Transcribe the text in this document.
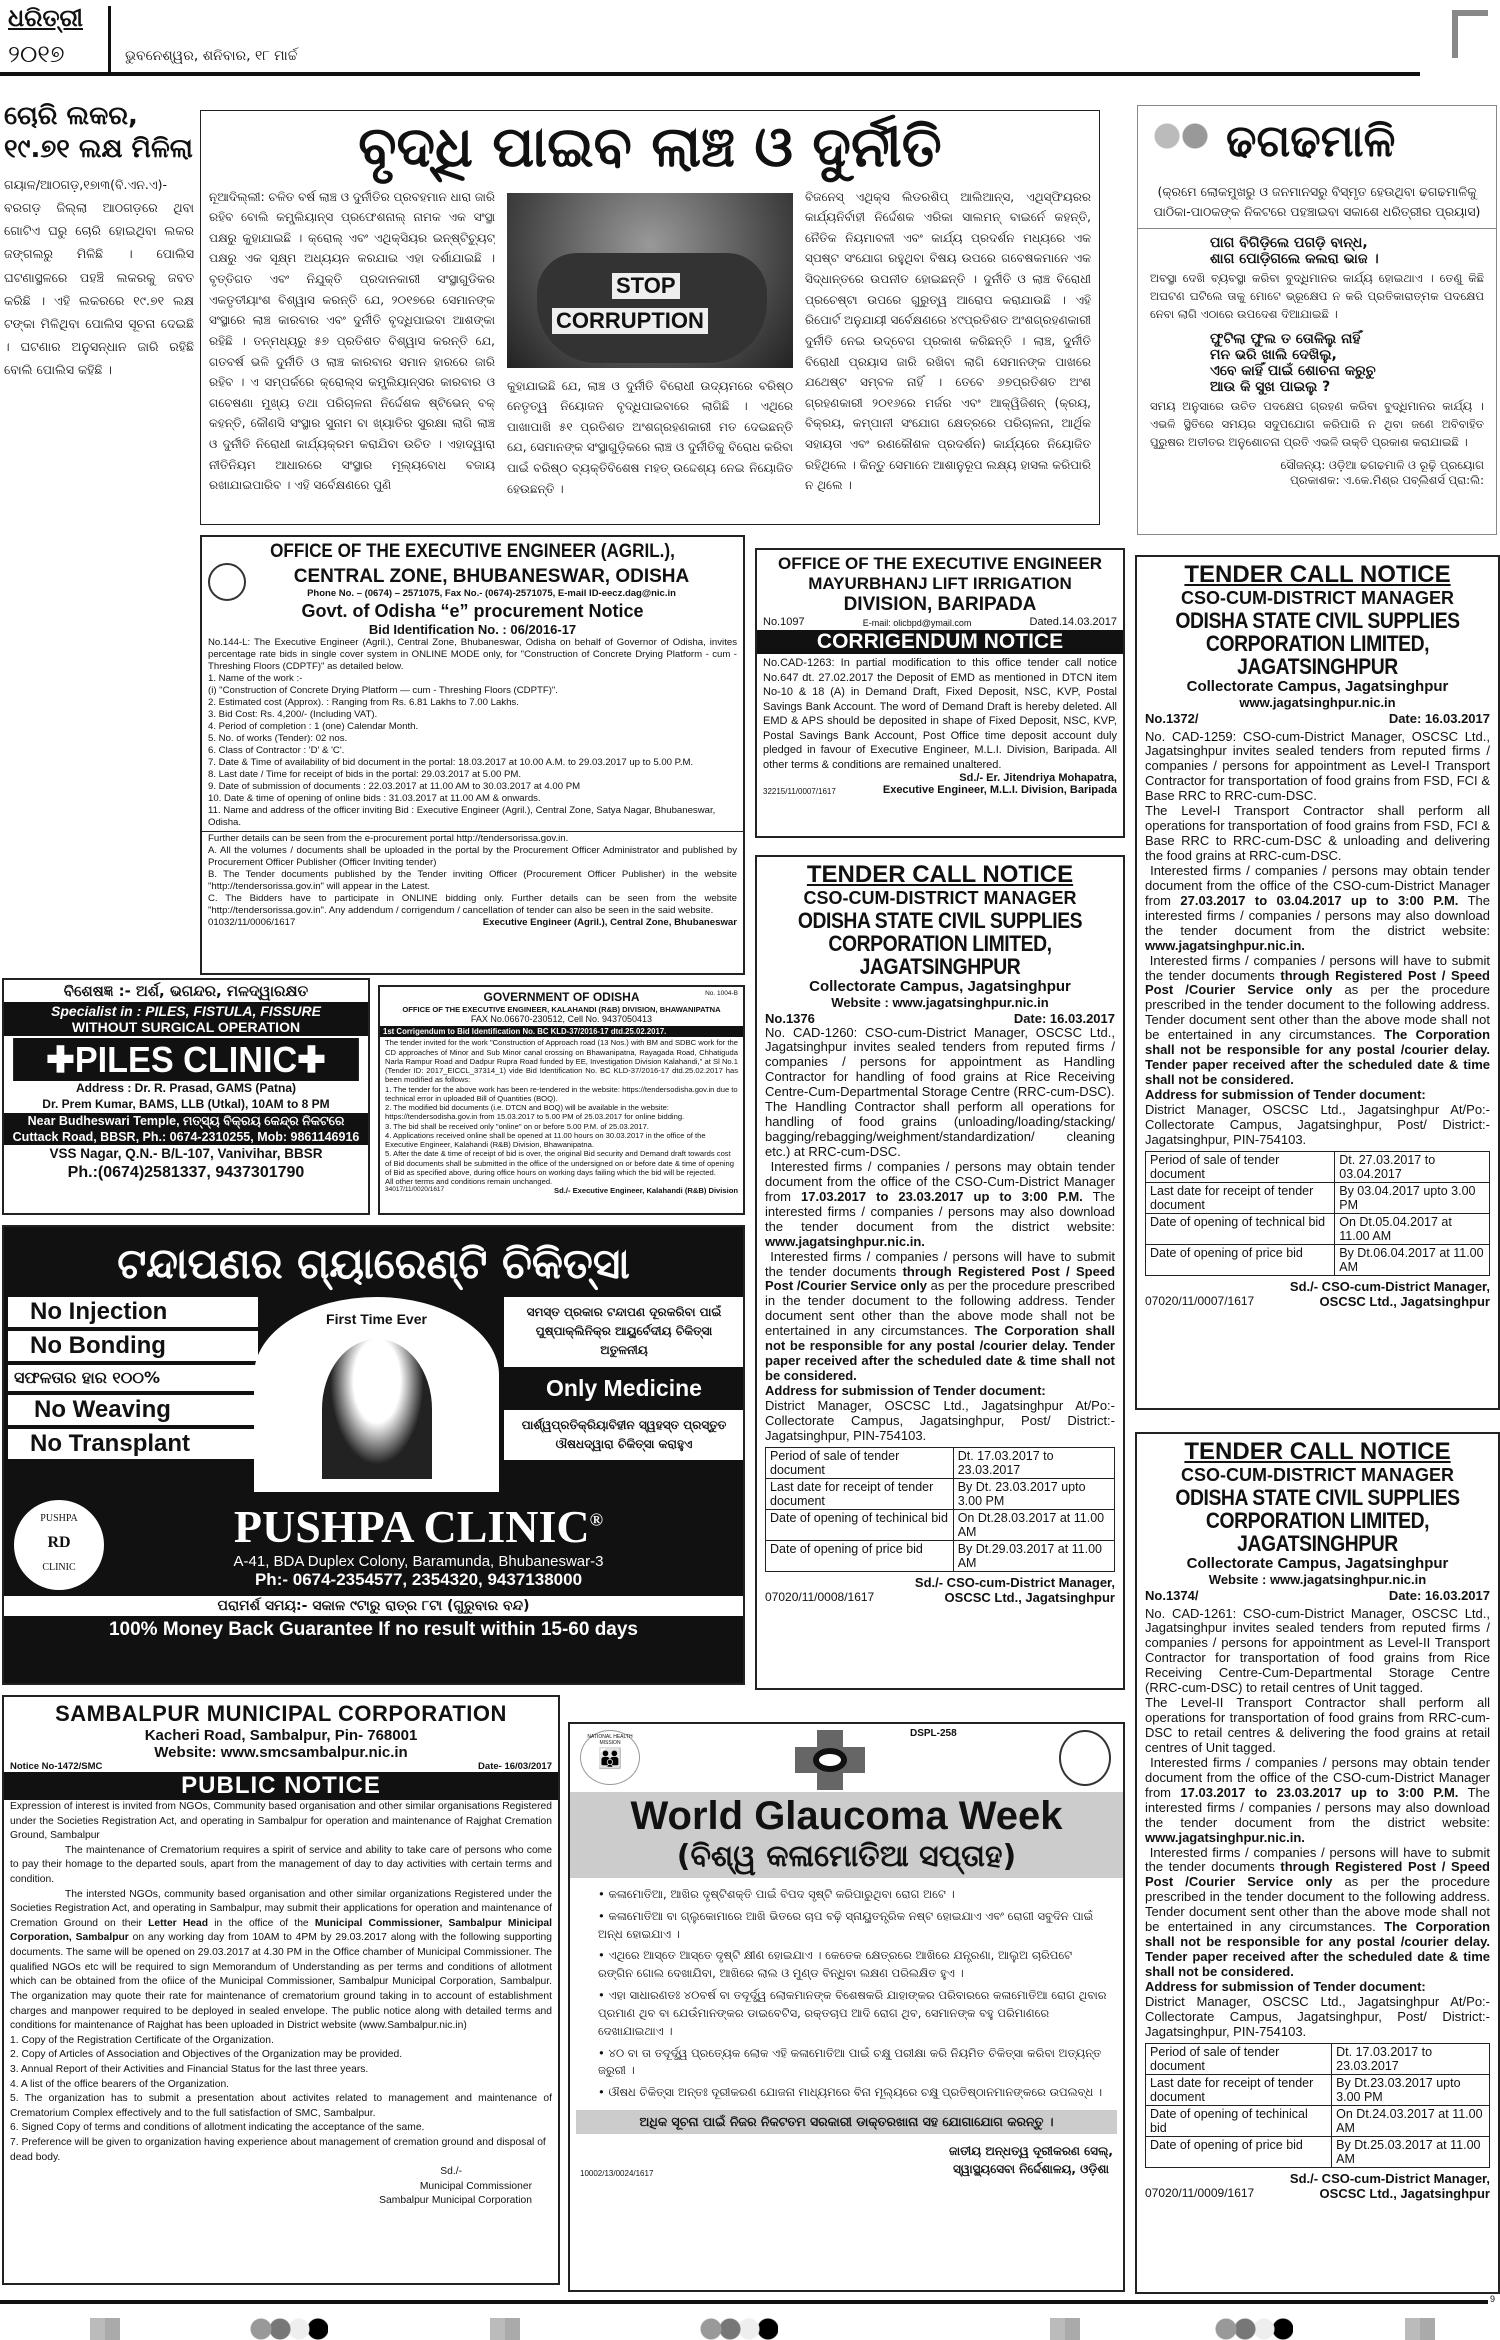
ଧରିତ୍ରୀ
୨୦୧୭	ଭୁବନେଶ୍ୱର, ଶନିବାର, ୧୮ ମାର୍ଚ୍ଚ
ଚୋରି ଲକର, ୧୯.୭୧ ଲକ୍ଷ ମିଳିଲା
ଗୟାଳ/ଆଠଗଡ଼,୧୭ା୩(ବି.ଏନ.ଏ)- ବରଗଡ଼ ଜିଲ୍ଲା ଆଠଗଡ଼ରେ ଥିବା ଗୋଟିଏ ଘରୁ ଚୋରି ହୋଇଥିବା ଲକର ଜଙ୍ଗଲରୁ ମିଳିଛି । ପୋଲିସ ଘଟଣାସ୍ଥଳରେ ପହଞ୍ଚି ଲକରକୁ ଜବତ କରିଛି । ଏହି ଲକରରେ ୧୯.୭୧ ଲକ୍ଷ ଟଙ୍କା ମିଳିଥିବା ପୋଲିସ ସୂଚନା ଦେଇଛି । ଘଟଣାର ଅନୁସନ୍ଧାନ ଜାରି ରହିଛି ବୋଲି ପୋଲିସ କହିଛି ।
ବୃଦ୍ଧି ପାଇବ ଲାଞ୍ଚ ଓ ଦୁର୍ନୀତି
ନୂଆଦିଲ୍ଲୀ: ଚଳିତ ବର୍ଷ ଲାଞ୍ଚ ଓ ଦୁର୍ନୀତିର ପ୍ରବହମାନ ଧାରା ଜାରି ରହିବ ବୋଲି କମ୍ପ୍ଲିୟାନ୍ସ ପ୍ରଫେଶନାଲ୍ ନାମକ ଏକ ସଂସ୍ଥା ପକ୍ଷରୁ କୁହାଯାଇଛି । କ୍ରୋଲ୍ ଏବଂ ଏଥିକ୍ସିୟର ଇନ୍ଷ୍ଟିଚ୍ୟୁଟ୍ ପକ୍ଷରୁ ଏକ ସୂକ୍ଷ୍ମ ଅଧ୍ୟୟନ କରଯାଇ ଏହା ଦର୍ଶାଯାଇଛି । ବୃତ୍ତିଗତ ଏବଂ ନିଯୁକ୍ତି ପ୍ରଦାନକାରୀ ସଂସ୍ଥାଗୁଡିକର ଏକତୃତୀୟାଂଶ ବିଶ୍ୱାସ କରନ୍ତି ଯେ, ୨୦୧୭ରେ ସେମାନଙ୍କ ସଂସ୍ଥାରେ ଲାଞ୍ଚ କାରବାର ଏବଂ ଦୁର୍ନୀତି ବୃଦ୍ଧିପାଇବା ଆଶଙ୍କା ରହିଛି । ତନ୍ମଧ୍ୟରୁ ୫୭ ପ୍ରତିଶତ ବିଶ୍ୱାସ କରନ୍ତି ଯେ, ଗତବର୍ଷ ଭଳି ଦୁର୍ନୀତି ଓ ଲାଞ୍ଚ କାରବାର ସମାନ ହାରରେ ଜାରି ରହିବ । ଏ ସମ୍ପର୍କରେ କ୍ରୋଲ୍ସ କମ୍ପ୍ଲିୟାନ୍ସର କାରବାର ଓ ଗବେଷଣା ମୁଖ୍ୟ ତଥା ପରିଚାଳନା ନିର୍ଦ୍ଦେଶକ ଷ୍ଟିଭେନ୍ ବକ୍ କହନ୍ତି, କୌଣସି ସଂସ୍ଥାର ସୁନାମ ବା ଖ୍ୟାତିର ସୁରକ୍ଷା ଲାଗି ଲାଞ୍ଚ ଓ ଦୁର୍ନୀତି ନିରୋଧୀ କାର୍ଯ୍ୟକ୍ରମ କରାଯିବା ଉଚିତ । ଏହାଦ୍ୱାରା ନୀତିନିୟମ ଆଧାରରେ ସଂସ୍ଥାର ମୂଲ୍ୟବୋଧ ବଜାୟ ରଖାଯାଇପାରିବ । ଏହି ସର୍ବେକ୍ଷଣରେ ପୁଣି
STOP
CORRUPTION
କୁହାଯାଇଛି ଯେ, ଲାଞ୍ଚ ଓ ଦୁର୍ନୀତି ବିରୋଧୀ ଉଦ୍ୟମରେ ବରିଷ୍ଠ ନେତୃତ୍ୱ ନିୟୋଜନ ବୃଦ୍ଧିପାଇବାରେ ଲାଗିଛି । ଏଥିରେ ପାଖାପାଖି ୫୧ ପ୍ରତିଶତ ଅଂଶଗ୍ରହଣକାରୀ ମତ ଦେଇଛନ୍ତି ଯେ, ସେମାନଙ୍କ ସଂସ୍ଥାଗୁଡ଼ିକରେ ଲାଞ୍ଚ ଓ ଦୁର୍ନୀତିକୁ ବିରୋଧ କରିବା ପାଇଁ ବରିଷ୍ଠ ବ୍ୟକ୍ତିବିଶେଷ ମହତ୍ ଉଦ୍ଦେଶ୍ୟ ନେଇ ନିୟୋଜିତ ହେଉଛନ୍ତି ।
ବିଜନେସ୍ ଏଥିକ୍ସ ଲିଡରଶିପ୍ ଆଲିଆନ୍ସ, ଏଥିସ୍ଫିୟରର କାର୍ଯ୍ୟନିର୍ବାହୀ ନିର୍ଦ୍ଦେଶକ ଏରିକା ସାଲମନ୍ ବାଇର୍ନେ କହନ୍ତି, ନୈତିକ ନିୟମାବଳୀ ଏବଂ କାର୍ଯ୍ୟ ପ୍ରଦର୍ଶନ ମଧ୍ୟରେ ଏକ ସ୍ପଷ୍ଟ ସଂଯୋଗ ରହୁଥିବା ବିଷୟ ଉପରେ ଗବେଷକମାନେ ଏକ ସିଦ୍ଧାନ୍ତରେ ଉପନୀତ ହୋଇଛନ୍ତି । ଦୁର୍ନୀତି ଓ ଲାଞ୍ଚ ବିରୋଧୀ ପ୍ରଚେଷ୍ଟା ଉପରେ ଗୁରୁତ୍ୱ ଆରୋପ କରାଯାଉଛି । ଏହି ରିପୋର୍ଟ ଅନୁଯାୟୀ ସର୍ବେକ୍ଷଣରେ ୪୯ପ୍ରତିଶତ ଅଂଶଗ୍ରହଣକାରୀ ଦୁର୍ନୀତି ନେଇ ଉଦ୍‌ବେଗ ପ୍ରକାଶ କରିଛନ୍ତି । ଲାଞ୍ଚ, ଦୁର୍ନୀତି ବିରୋଧୀ ପ୍ରୟାସ ଜାରି ରଖିବା ଲାଗି ସେମାନଙ୍କ ପାଖରେ ଯଥେଷ୍ଟ ସମ୍ବଳ ନାହିଁ । ତେବେ ୬୭ପ୍ରତିଶତ ଅଂଶ ଗ୍ରହଣକାରୀ ୨୦୧୬ରେ ମର୍ଜର ଏବଂ ଆକ୍ୱିଜିଶନ୍ (କ୍ରୟ, ବିକ୍ରୟ, କମ୍ପାନୀ ସଂଯୋଗ କ୍ଷେତ୍ରରେ ପରିଚାଳନା, ଆର୍ଥିକ ସହାୟତା ଏବଂ ରଣକୌଶଳ ପ୍ରଦର୍ଶନ) କାର୍ଯ୍ୟରେ ନିୟୋଜିତ ରହିଥିଲେ । କିନ୍ତୁ ସେମାନେ ଆଶାନୁରୂପ ଲକ୍ଷ୍ୟ ହାସଲ କରିପାରି ନ ଥିଲେ ।
ଢଗଢମାଳି
(କ୍ରମେ ଲୋକମୁଖରୁ ଓ ଜନମାନସରୁ ବିସ୍ମୃତ ହେଉଥିବା ଢଗଢମାଳିକୁ ପାଠିକା-ପାଠକଙ୍କ ନିକଟରେ ପହଞ୍ଚାଇବା ସକାଶେ ଧରିତ୍ରୀର ପ୍ରୟାସ)
ପାଗ ବିଗିଡ଼ିଲେ ପଗଡ଼ି ବାନ୍ଧ,
ଶାଗ ପୋଡ଼ିଗଲେ କଲରା ଭାଜ ।
ଅବସ୍ଥା ଦେଖି ବ୍ୟବସ୍ଥା କରିବା ବୁଦ୍ଧିମାନର କାର୍ଯ୍ୟ ହୋଇଥାଏ । ତେଣୁ କିଛି ଅଘଟଣ ଘଟିଲେ ତାକୁ ମୋଟେ ଭ୍ରୂକ୍ଷେପ ନ କରି ପ୍ରତିକାରାତ୍ମକ ପଦକ୍ଷେପ ନେବା ଲାଗି ଏଠାରେ ଉପଦେଶ ଦିଆଯାଇଛି ।
ଫୁଟିଲା ଫୁଲ ତ ତୋଳିଲୁ ନାହିଁ
ମନ ଭରି ଖାଲି ଦେଖିଲୁ,
ଏବେ କାହିଁ ପାଇଁ ଶୋଚନା କରୁଚୁ
ଆଉ କି ସୁଖ ପାଇଲୁ ?
ସମୟ ଅନୁସାରେ ଉଚିତ ପଦକ୍ଷେପ ଗ୍ରହଣ କରିବା ବୁଦ୍ଧିମାନର କାର୍ଯ୍ୟ । ଏଭଳି ସ୍ଥିତିରେ ସମୟର ସଦୁପଯୋଗ କରିପାରି ନ ଥିବା ଜଣେ ଅବିବାହିତ ପୁରୁଷର ଅତୀତର ଅନୁଶୋଚନା ପ୍ରତି ଏଭଳି ଉକ୍ତି ପ୍ରକାଶ କରାଯାଇଛି ।
ସୌଜନ୍ୟ: ଓଡ଼ିଆ ଢଗଢମାଳି ଓ ରୂଢ଼ି ପ୍ରୟୋଗ
ପ୍ରକାଶକ: ଏ.କେ.ମିଶ୍ର ପବ୍ଲିଶର୍ସ ପ୍ରା:ଲି:
OFFICE OF THE EXECUTIVE ENGINEER (AGRIL.),
CENTRAL ZONE, BHUBANESWAR, ODISHA
Phone No. – (0674) – 2571075, Fax No.- (0674)-2571075, E-mail ID-eecz.dag@nic.in
Govt. of Odisha “e” procurement Notice
Bid Identification No. : 06/2016-17

No.144-L: The Executive Engineer (Agril.), Central Zone, Bhubaneswar, Odisha on behalf of Governor of Odisha, invites percentage rate bids in single cover system in ONLINE MODE only, for "Construction of Concrete Drying Platform - cum - Threshing Floors (CDPTF)" as detailed below.

1. Name of the work :-

(i) "Construction of Concrete Drying Platform — cum - Threshing Floors (CDPTF)".

2. Estimated cost (Approx). : Ranging from Rs. 6.81 Lakhs to 7.00 Lakhs.

3. Bid Cost: Rs. 4,200/- (Including VAT).

4. Period of completion : 1 (one) Calendar Month.

5. No. of works (Tender): 02 nos.

6. Class of Contractor : 'D' & 'C'.

7. Date & Time of availability of bid document in the portal: 18.03.2017 at 10.00 A.M. to 29.03.2017 up to 5.00 P.M.

8. Last date / Time for receipt of bids in the portal: 29.03.2017 at 5.00 PM.

9. Date of submission of documents : 22.03.2017 at 11.00 AM to 30.03.2017 at 4.00 PM

10. Date & time of opening of online bids : 31.03.2017 at 11.00 AM & onwards.

11. Name and address of the officer inviting Bid : Executive Engineer (Agril.), Central Zone, Satya Nagar, Bhubaneswar, Odisha.

Further details can be seen from the e-procurement portal http://tendersorissa.gov.in.

A. All the volumes / documents shall be uploaded in the portal by the Procurement Officer Administrator and published by Procurement Officer Publisher (Officer Inviting tender)

B. The Tender documents published by the Tender inviting Officer (Procurement Officer Publisher) in the website "http://tendersorissa.gov.in" will appear in the Latest.

C. The Bidders have to participate in ONLINE bidding only. Further details can be seen from the website "http://tendersorissa.gov.in". Any addendum / corrigendum / cancellation of tender can also be seen in the said website.

01032/11/0006/1617	Executive Engineer (Agril.), Central Zone, Bhubaneswar
OFFICE OF THE EXECUTIVE ENGINEER
MAYURBHANJ LIFT IRRIGATION
DIVISION, BARIPADA
No.1097	E-mail: olicbpd@ymail.com	Dated.14.03.2017
CORRIGENDUM NOTICE

No.CAD-1263: In partial modification to this office tender call notice No.647 dt. 27.02.2017 the Deposit of EMD as mentioned in DTCN item No-10 & 18 (A) in Demand Draft, Fixed Deposit, NSC, KVP, Postal Savings Bank Account. The word of Demand Draft is hereby deleted. All EMD & APS should be deposited in shape of Fixed Deposit, NSC, KVP, Postal Savings Bank Account, Post Office time deposit account duly pledged in favour of Executive Engineer, M.L.I. Division, Baripada. All other terms & conditions are remained unaltered.

Sd./- Er. Jitendriya Mohapatra,
32215/11/0007/1617	Executive Engineer, M.L.I. Division, Baripada
TENDER CALL NOTICE
CSO-CUM-DISTRICT MANAGER
ODISHA STATE CIVIL SUPPLIES
CORPORATION LIMITED, JAGATSINGHPUR
Collectorate Campus, Jagatsinghpur
Website : www.jagatsinghpur.nic.in
No.1376	Date: 16.03.2017

No. CAD-1260: CSO-cum-District Manager, OSCSC Ltd., Jagatsinghpur invites sealed tenders from reputed firms / companies / persons for appointment as Handling Contractor for handling of food grains at Rice Receiving Centre-Cum-Departmental Storage Centre (RRC-cum-DSC).

The Handling Contractor shall perform all operations for handling of food grains (unloading/loading/stacking/ bagging/rebagging/weighment/standardization/ cleaning etc.) at RRC-cum-DSC.

Interested firms / companies / persons may obtain tender document from the office of the CSO-Cum-District Manager from 17.03.2017 to 23.03.2017 up to 3:00 P.M. The interested firms / companies / persons may also download the tender document from the district website: www.jagatsinghpur.nic.in.

Interested firms / companies / persons will have to submit the tender documents through Registered Post / Speed Post /Courier Service only as per the procedure prescribed in the tender document to the following address. Tender document sent other than the above mode shall not be entertained in any circumstances. The Corporation shall not be responsible for any postal /courier delay. Tender paper received after the scheduled date & time shall not be considered.

Address for submission of Tender document:

District Manager, OSCSC Ltd., Jagatsinghpur At/Po:- Collectorate Campus, Jagatsinghpur, Post/ District:- Jagatsinghpur, PIN-754103.

Period of sale of tender document	Dt. 17.03.2017 to 23.03.2017
Last date for receipt of tender document	By Dt. 23.03.2017 upto 3.00 PM
Date of opening of techinical bid	On Dt.28.03.2017 at 11.00 AM
Date of opening of price bid	By Dt.29.03.2017 at 11.00 AM
Sd./- CSO-cum-District Manager,
07020/11/0008/1617	OSCSC Ltd., Jagatsinghpur
TENDER CALL NOTICE
CSO-CUM-DISTRICT MANAGER
ODISHA STATE CIVIL SUPPLIES
CORPORATION LIMITED, JAGATSINGHPUR
Collectorate Campus, Jagatsinghpur
www.jagatsinghpur.nic.in
No.1372/	Date: 16.03.2017

No. CAD-1259: CSO-cum-District Manager, OSCSC Ltd., Jagatsinghpur invites sealed tenders from reputed firms / companies / persons for appointment as Level-I Transport Contractor for transportation of food grains from FSD, FCI & Base RRC to RRC-cum-DSC.

The Level-I Transport Contractor shall perform all operations for transportation of food grains from FSD, FCI & Base RRC to RRC-cum-DSC & unloading and delivering the food grains at RRC-cum-DSC.

Interested firms / companies / persons may obtain tender document from the office of the CSO-cum-District Manager from 27.03.2017 to 03.04.2017 up to 3:00 P.M. The interested firms / companies / persons may also download the tender document from the district website: www.jagatsinghpur.nic.in.

Interested firms / companies / persons will have to submit the tender documents through Registered Post / Speed Post /Courier Service only as per the procedure prescribed in the tender document to the following address. Tender document sent other than the above mode shall not be entertained in any circumstances. The Corporation shall not be responsible for any postal /courier delay. Tender paper received after the scheduled date & time shall not be considered.

Address for submission of Tender document:

District Manager, OSCSC Ltd., Jagatsinghpur At/Po:- Collectorate Campus, Jagatsinghpur, Post/ District:- Jagatsinghpur, PIN-754103.

Period of sale of tender document	Dt. 27.03.2017 to 03.04.2017
Last date for receipt of tender document	By 03.04.2017 upto 3.00 PM
Date of opening of technical bid	On Dt.05.04.2017 at 11.00 AM
Date of opening of price bid	By Dt.06.04.2017 at 11.00 AM
Sd./- CSO-cum-District Manager,
07020/11/0007/1617	OSCSC Ltd., Jagatsinghpur
TENDER CALL NOTICE
CSO-CUM-DISTRICT MANAGER
ODISHA STATE CIVIL SUPPLIES
CORPORATION LIMITED, JAGATSINGHPUR
Collectorate Campus, Jagatsinghpur
Website : www.jagatsinghpur.nic.in
No.1374/	Date: 16.03.2017

No. CAD-1261: CSO-cum-District Manager, OSCSC Ltd., Jagatsinghpur invites sealed tenders from reputed firms / companies / persons for appointment as Level-II Transport Contractor for transportation of food grains from Rice Receiving Centre-Cum-Departmental Storage Centre (RRC-cum-DSC) to retail centres of Unit tagged.

The Level-II Transport Contractor shall perform all operations for transportation of food grains from RRC-cum-DSC to retail centres & delivering the food grains at retail centres of Unit tagged.

Interested firms / companies / persons may obtain tender document from the office of the CSO-cum-District Manager from 17.03.2017 to 23.03.2017 up to 3:00 P.M. The interested firms / companies / persons may also download the tender document from the district website: www.jagatsinghpur.nic.in.

Interested firms / companies / persons will have to submit the tender documents through Registered Post / Speed Post /Courier Service only as per the procedure prescribed in the tender document to the following address. Tender document sent other than the above mode shall not be entertained in any circumstances. The Corporation shall not be responsible for any postal /courier delay. Tender paper received after the scheduled date & time shall not be considered.

Address for submission of Tender document:

District Manager, OSCSC Ltd., Jagatsinghpur At/Po:- Collectorate Campus, Jagatsinghpur, Post/ District:- Jagatsinghpur, PIN-754103.

Period of sale of tender document	Dt. 17.03.2017 to 23.03.2017
Last date for receipt of tender document	By Dt.23.03.2017 upto 3.00 PM
Date of opening of techinical bid	On Dt.24.03.2017 at 11.00 AM
Date of opening of price bid	By Dt.25.03.2017 at 11.00 AM
Sd./- CSO-cum-District Manager,
07020/11/0009/1617	OSCSC Ltd., Jagatsinghpur
ବିଶେଷଜ୍ଞ :- ଅର୍ଶ, ଭଗନ୍ଦର, ମଳଦ୍ୱାରକ୍ଷତ
Specialist in : PILES, FISTULA, FISSURE
WITHOUT SURGICAL OPERATION
✚PILES CLINIC✚
Address : Dr. R. Prasad, GAMS (Patna)
Dr. Prem Kumar, BAMS, LLB (Utkal), 10AM to 8 PM
Near Budheswari Temple, ମତ୍ସ୍ୟ ବିକ୍ରୟ କେନ୍ଦ୍ର ନିକଟରେ
Cuttack Road, BBSR, Ph.: 0674-2310255, Mob: 9861146916
VSS Nagar, Q.N.- B/L-107, Vanivihar, BBSR
Ph.:(0674)2581337, 9437301790
GOVERNMENT OF ODISHA	No. 1004-B
OFFICE OF THE EXECUTIVE ENGINEER, KALAHANDI (R&B) DIVISION, BHAWANIPATNA
FAX No.06670-230512, Cell No. 9437050413
1st Corrigendum to Bid Identification No. BC KLD-37/2016-17 dtd.25.02.2017.

The tender invited for the work "Construction of Approach road (13 Nos.) with BM and SDBC work for the CD approaches of Minor and Sub Minor canal crossing on Bhawanipatna, Rayagada Road, Chhatiguda Narla Rampur Road and Dadpur Rupra Road funded by EE, Investigation Division Kalahandi," at Sl No.1 (Tender ID: 2017_EICCL_37314_1) vide Bid Identification No. BC KLD-37/2016-17 dtd.25.02.2017 has been modified as follows:

1. The tender for the above work has been re-tendered in the website: https://tendersodisha.gov.in due to technical error in uploaded Bill of Quantities (BOQ).

2. The modified bid documents (i.e. DTCN and BOQ) will be available in the website: https://tendersodisha.gov.in from 15.03.2017 to 5.00 PM of 25.03.2017 for online bidding.

3. The bid shall be received only "online" on or before 5.00 P.M. of 25.03.2017.

4. Applications received online shall be opened at 11.00 hours on 30.03.2017 in the office of the Executive Engineer, Kalahandi (R&B) Division, Bhawanipatna.

5. After the date & time of receipt of bid is over, the original Bid security and Demand draft towards cost of Bid documents shall be submitted in the office of the undersigned on or before date & time of opening of Bid as specified above, during office hours on working days failing which the bid will be rejected.

All other terms and conditions remain unchanged.

34017/11/0020/1617	Sd./- Executive Engineer, Kalahandi (R&B) Division
ଟନ୍ଦାପଣର ଗ୍ୟାରେଣ୍ଟି ଚିକିତ୍ସା
No Injection
No Bonding
ସଫଳତାର ହାର ୧୦୦%
No Weaving
No Transplant
First Time Ever	ସମସ୍ତ ପ୍ରକାର ଟନ୍ଦାପଣ ଦୂରକରିବା ପାଇଁ ପୁଷ୍ପାକ୍ଲିନିକ୍‌ର ଆୟୁର୍ବେଦୀୟ ଚିକିତ୍ସା ଅତୁଳନୀୟ
Only Medicine
ପାର୍ଶ୍ୱପ୍ରତିକ୍ରିୟାବିହୀନ ସ୍ୱହସ୍ତ ପ୍ରସ୍ତୁତ ଔଷଧଦ୍ୱାରା ଚିକିତ୍ସା କରାହୁଏ
PUSHPA
RD
CLINIC
PUSHPA CLINIC®
A-41, BDA Duplex Colony, Baramunda, Bhubaneswar-3
Ph:- 0674-2354577, 2354320, 9437138000
ପରାମର୍ଶ ସମୟ:- ସକାଳ ୯ଟାରୁ ରାତ୍ର ୮ଟା (ଗୁରୁବାର ବନ୍ଦ)
100% Money Back Guarantee If no result within 15-60 days
SAMBALPUR MUNICIPAL CORPORATION
Kacheri Road, Sambalpur, Pin- 768001
Website: www.smcsambalpur.nic.in
Notice No-1472/SMC	Date- 16/03/2017
PUBLIC NOTICE

Expression of interest is invited from NGOs, Community based organisation and other similar organisations Registered under the Societies Registration Act, and operating in Sambalpur for operation and maintenance of Rajghat Cremation Ground, Sambalpur

The maintenance of Crematorium requires a spirit of service and ability to take care of persons who come to pay their homage to the departed souls, apart from the management of day to day activities with certain terms and condition.

The intersted NGOs, community based organisation and other similar organizations Registered under the Societies Registration Act, and operating in Sambalpur, may submit their applications for operation and maintenance of Cremation Ground on their Letter Head in the office of the Municipal Commissioner, Sambalpur Minicipal Corporation, Sambalpur on any working day from 10AM to 4PM by 29.03.2017 along with the following supporting documents. The same will be opened on 29.03.2017 at 4.30 PM in the Office chamber of Municipal Commissioner. The qualified NGOs etc will be required to sign Memorandum of Understanding as per terms and conditions of allotment which can be obtained from the ofiice of the Municipal Commissioner, Sambalpur Municipal Corporation, Sambalpur. The organization may quote their rate for maintenance of crematorium ground taking in to account of establishment charges and manpower required to be deployed in sealed envelope. The public notice along with detailed terms and conditions for maintenance of Rajghat has been uploaded in District website (www.Sambalpur.nic.in)

1. Copy of the Registration Certificate of the Organization.

2. Copy of Articles of Association and Objectives of the Organization may be provided.

3. Annual Report of their Activities and Financial Status for the last three years.

4. A list of the office bearers of the Organization.

5. The organization has to submit a presentation about activites related to management and maintenance of Crematorium Complex effectively and to the full satisfaction of SMC, Sambalpur.

6. Signed Copy of terms and conditions of allotment indicating the acceptance of the same.

7. Preference will be given to organization having experience about management of cremation ground and disposal of dead body.

Sd./-
Municipal Commissioner
Sambalpur Municipal Corporation
NATIONAL HEALTH MISSION
👪
DSPL-258
World Glaucoma Week
(ବିଶ୍ୱ କଳାମୋତିଆ ସପ୍ତାହ)
• କଳାମୋତିଆ, ଆଖିର ଦୃଷ୍ଟିଶକ୍ତି ପାଇଁ ବିପଦ ସୃଷ୍ଟି କରିପାରୁଥିବା ରୋଗ ଅଟେ ।
• କଳାମୋତିଆ ବା ଗ୍ଲୁକୋମାରେ ଆଖି ଭିତରେ ଚାପ ବଢ଼ି ସ୍ନାୟୁତନ୍ତ୍ରିକ ନଷ୍ଟ ହୋଇଯାଏ ଏବଂ ରୋଗୀ ସବୁଦିନ ପାଇଁ ଅନ୍ଧ ହୋଇଯାଏ ।
• ଏଥିରେ ଆସ୍ତେ ଆସ୍ତେ ଦୃଷ୍ଟି କ୍ଷୀଣ ହୋଇଯାଏ । କେତେକ କ୍ଷେତ୍ରରେ ଆଖିରେ ଯନ୍ତ୍ରଣା, ଆଲୁଅ ଚାରିପଟେ ରଙ୍ଗିନ ଗୋଲ ଦେଖାଯିବା, ଆଖିରେ ଲାଲ ଓ ମୁଣ୍ଡ ବିନ୍ଧିବା ଲକ୍ଷଣ ପରିଲକ୍ଷିତ ହୁଏ ।
• ଏହା ସାଧାରଣତଃ ୪୦ବର୍ଷ ବା ତଦୂର୍ଦ୍ଧ୍ୱ ଲୋକମାନଙ୍କ ବିଶେଷକରି ଯାହାଙ୍କର ପରିବାରରେ କଳାମୋତିଆ ରୋଗ ଥିବାର ପ୍ରମାଣ ଥିବ ବା ଯେଉଁମାନଙ୍କର ଡାଇବେଟିସ, ରକ୍ତଚାପ ଆଦି ରୋଗ ଥିବ, ସେମାନଙ୍କ ବହୁ ପରିମାଣରେ ଦେଖାଯାଇଥାଏ ।
• ୪୦ ବା ତା ତଦୂର୍ଦ୍ଧ୍ୱ ପ୍ରତ୍ୟେକ ଲୋକ ଏହି କଳାମୋତିଆ ପାଇଁ ଚକ୍ଷୁ ପରୀକ୍ଷା କରି ନିୟମିତ ଚିକିତ୍ସା କରିବା ଅତ୍ୟନ୍ତ ଜରୁରୀ ।
• ଔଷଧ ଚିକିତ୍ସା ଅନ୍ତଃ ଦୂରୀକରଣ ଯୋଜନା ମାଧ୍ୟମରେ ବିନା ମୂଲ୍ୟରେ ଚକ୍ଷୁ ପ୍ରତିଷ୍ଠାନମାନଙ୍କରେ ଉପଲବ୍ଧ ।
ଅଧିକ ସୂଚନା ପାଇଁ ନିଜର ନିକଟତମ ସରକାରୀ ଡାକ୍ତରଖାନା ସହ ଯୋଗାଯୋଗ କରନ୍ତୁ ।
10002/13/0024/1617
ଜାତୀୟ ଅନ୍ଧତ୍ୱ ଦୂରୀକରଣ ସେଲ୍,
ସ୍ୱାସ୍ଥ୍ୟସେବା ନିର୍ଦ୍ଦେଶାଳୟ, ଓଡ଼ିଶା
9
